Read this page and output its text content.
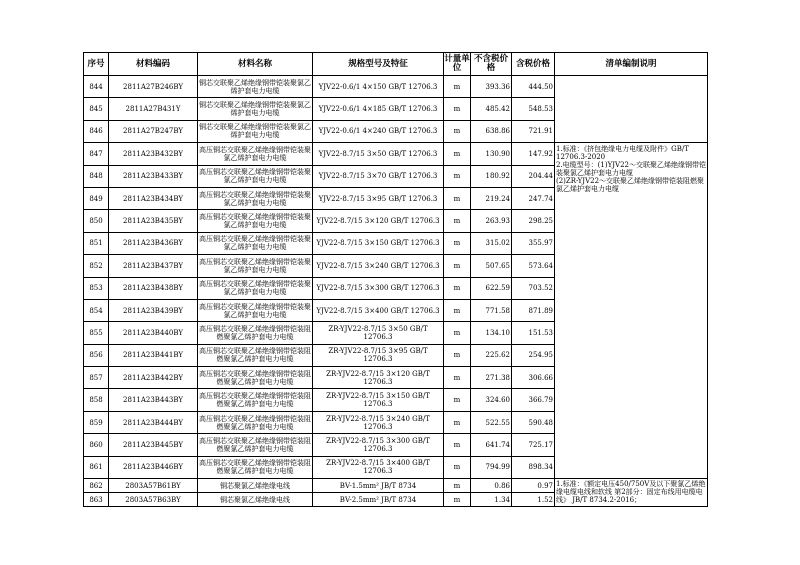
序号	材料编码	材料名称	规格型号及特征	计量单位	不含税价格	含税价格	清单编制说明
844	2811A27B246BY	铜芯交联聚乙烯绝缘钢带铠装聚氯乙烯护套电力电缆	YJV22-0.6/1 4×150 GB/T 12706.3	m	393.36	444.50	
845	2811A27B431Y	铜芯交联聚乙烯绝缘钢带铠装聚氯乙烯护套电力电缆	YJV22-0.6/1 4×185 GB/T 12706.3	m	485.42	548.53	
846	2811A27B247BY	铜芯交联聚乙烯绝缘钢带铠装聚氯乙烯护套电力电缆	YJV22-0.6/1 4×240 GB/T 12706.3	m	638.86	721.91	
847	2811A23B432BY	高压铜芯交联聚乙烯绝缘钢带铠装聚氯乙烯护套电力电缆	YJV22-8.7/15 3×50 GB/T 12706.3	m	130.90	147.92	1.标准：《挤包绝缘电力电缆及附件》GB/T 12706.3-2020
2.电缆型号：(1)YJV22～交联聚乙烯绝缘钢带铠装聚氯乙烯护套电力电缆
(2)ZR-YJV22～交联聚乙烯绝缘钢带铠装阻燃聚氯乙烯护套电力电缆
848	2811A23B433BY	高压铜芯交联聚乙烯绝缘钢带铠装聚氯乙烯护套电力电缆	YJV22-8.7/15 3×70 GB/T 12706.3	m	180.92	204.44	
849	2811A23B434BY	高压铜芯交联聚乙烯绝缘钢带铠装聚氯乙烯护套电力电缆	YJV22-8.7/15 3×95 GB/T 12706.3	m	219.24	247.74	
850	2811A23B435BY	高压铜芯交联聚乙烯绝缘钢带铠装聚氯乙烯护套电力电缆	YJV22-8.7/15 3×120 GB/T 12706.3	m	263.93	298.25	
851	2811A23B436BY	高压铜芯交联聚乙烯绝缘钢带铠装聚氯乙烯护套电力电缆	YJV22-8.7/15 3×150 GB/T 12706.3	m	315.02	355.97	
852	2811A23B437BY	高压铜芯交联聚乙烯绝缘钢带铠装聚氯乙烯护套电力电缆	YJV22-8.7/15 3×240 GB/T 12706.3	m	507.65	573.64	
853	2811A23B438BY	高压铜芯交联聚乙烯绝缘钢带铠装聚氯乙烯护套电力电缆	YJV22-8.7/15 3×300 GB/T 12706.3	m	622.59	703.52	
854	2811A23B439BY	高压铜芯交联聚乙烯绝缘钢带铠装聚氯乙烯护套电力电缆	YJV22-8.7/15 3×400 GB/T 12706.3	m	771.58	871.89	
855	2811A23B440BY	高压铜芯交联聚乙烯绝缘钢带铠装阻燃聚氯乙烯护套电力电缆	ZR-YJV22-8.7/15 3×50 GB/T 12706.3	m	134.10	151.53	
856	2811A23B441BY	高压铜芯交联聚乙烯绝缘钢带铠装阻燃聚氯乙烯护套电力电缆	ZR-YJV22-8.7/15 3×95 GB/T 12706.3	m	225.62	254.95	
857	2811A23B442BY	高压铜芯交联聚乙烯绝缘钢带铠装阻燃聚氯乙烯护套电力电缆	ZR-YJV22-8.7/15 3×120 GB/T 12706.3	m	271.38	306.66	
858	2811A23B443BY	高压铜芯交联聚乙烯绝缘钢带铠装阻燃聚氯乙烯护套电力电缆	ZR-YJV22-8.7/15 3×150 GB/T 12706.3	m	324.60	366.79	
859	2811A23B444BY	高压铜芯交联聚乙烯绝缘钢带铠装阻燃聚氯乙烯护套电力电缆	ZR-YJV22-8.7/15 3×240 GB/T 12706.3	m	522.55	590.48	
860	2811A23B445BY	高压铜芯交联聚乙烯绝缘钢带铠装阻燃聚氯乙烯护套电力电缆	ZR-YJV22-8.7/15 3×300 GB/T 12706.3	m	641.74	725.17	
861	2811A23B446BY	高压铜芯交联聚乙烯绝缘钢带铠装阻燃聚氯乙烯护套电力电缆	ZR-YJV22-8.7/15 3×400 GB/T 12706.3	m	794.99	898.34	
862	2803A57B61BY	铜芯聚氯乙烯绝缘电线	BV-1.5mm² JB/T 8734	m	0.86	0.97	1.标准：《额定电压450/750V及以下聚氯乙烯绝缘电缆电线和软线 第2部分：固定布线用电缆电线》 JB/T 8734.2-2016；
863	2803A57B63BY	铜芯聚氯乙烯绝缘电线	BV-2.5mm² JB/T 8734	m	1.34	1.52	
